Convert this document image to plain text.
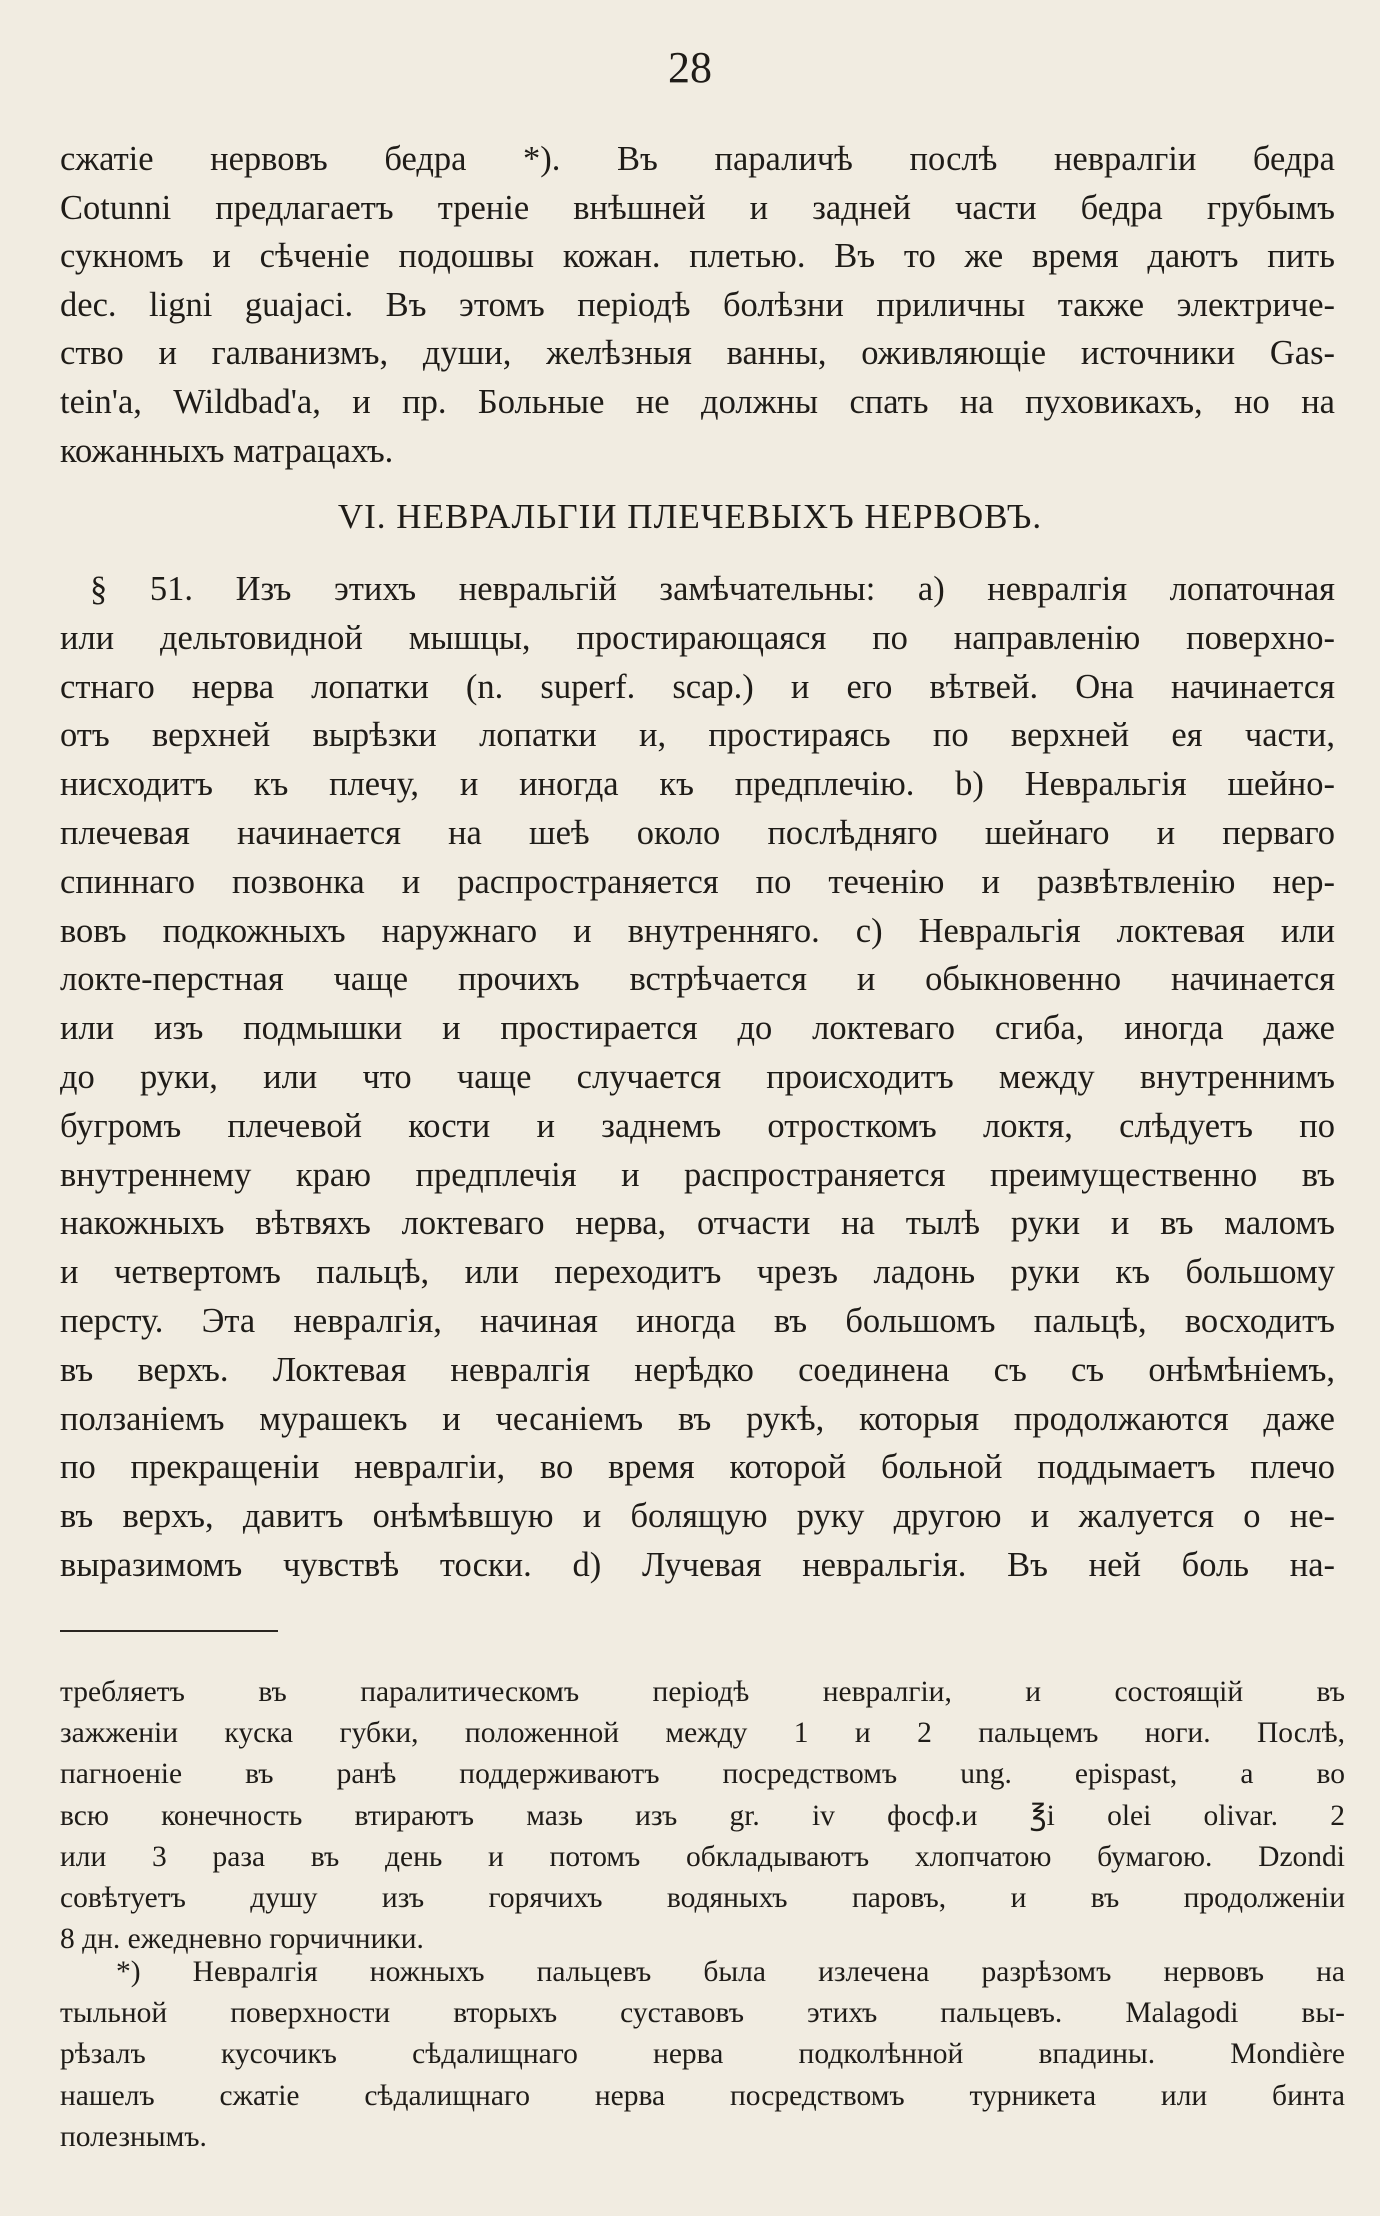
28
сжатіе нервовъ бедра *). Въ параличѣ послѣ невралгіи бедра
Cotunni предлагаетъ треніе внѣшней и задней части бедра грубымъ
сукномъ и сѣченіе подошвы кожан. плетью. Въ то же время даютъ пить
dec. ligni guajaci. Въ этомъ періодѣ болѣзни приличны также электриче-
ство и галванизмъ, души, желѣзныя ванны, оживляющіе источники Gas-
tein'а, Wildbad'а, и пр. Больные не должны спать на пуховикахъ, но на
кожанныхъ матрацахъ.
VI. НЕВРАЛЬГІИ ПЛЕЧЕВЫХЪ НЕРВОВЪ.
§ 51. Изъ этихъ невральгій замѣчательны: а) невралгія лопаточная
или дельтовидной мышцы, простирающаяся по направленію поверхно-
стнаго нерва лопатки (n. superf. scap.) и его вѣтвей. Она начинается
отъ верхней вырѣзки лопатки и, простираясь по верхней ея части,
нисходитъ къ плечу, и иногда къ предплечію. b) Невральгія шейно-
плечевая начинается на шеѣ около послѣдняго шейнаго и перваго
спиннаго позвонка и распространяется по теченію и развѣтвленію нер-
вовъ подкожныхъ наружнаго и внутренняго. c) Невральгія локтевая или
локте-перстная чаще прочихъ встрѣчается и обыкновенно начинается
или изъ подмышки и простирается до локтеваго сгиба, иногда даже
до руки, или что чаще случается происходитъ между внутреннимъ
бугромъ плечевой кости и заднемъ отросткомъ локтя, слѣдуетъ по
внутреннему краю предплечія и распространяется преимущественно въ
накожныхъ вѣтвяхъ локтеваго нерва, отчасти на тылѣ руки и въ маломъ
и четвертомъ пальцѣ, или переходитъ чрезъ ладонь руки къ большому
персту. Эта невралгія, начиная иногда въ большомъ пальцѣ, восходитъ
въ верхъ. Локтевая невралгія нерѣдко соединена съ съ онѣмѣніемъ,
ползаніемъ мурашекъ и чесаніемъ въ рукѣ, которыя продолжаются даже
по прекращеніи невралгіи, во время которой больной поддымаетъ плечо
въ верхъ, давитъ онѣмѣвшую и болящую руку другою и жалуется о не-
выразимомъ чувствѣ тоски. d) Лучевая невральгія. Въ ней боль на-
требляетъ въ паралитическомъ періодѣ невралгіи, и состоящій въ
зажженіи куска губки, положенной между 1 и 2 пальцемъ ноги. Послѣ,
пагноеніе въ ранѣ поддерживаютъ посредствомъ ung. epispast, а во
всю конечность втираютъ мазь изъ gr. iv фосф.и ℥i olei olivar. 2
или 3 раза въ день и потомъ обкладываютъ хлопчатою бумагою. Dzondi
совѣтуетъ душу изъ горячихъ водяныхъ паровъ, и въ продолженіи
8 дн. ежедневно горчичники.
*) Невралгія ножныхъ пальцевъ была излечена разрѣзомъ нервовъ на
тыльной поверхности вторыхъ суставовъ этихъ пальцевъ. Malagodi вы-
рѣзалъ кусочикъ сѣдалищнаго нерва подколѣнной впадины. Mondière
нашелъ сжатіе сѣдалищнаго нерва посредствомъ турникета или бинта
полезнымъ.
